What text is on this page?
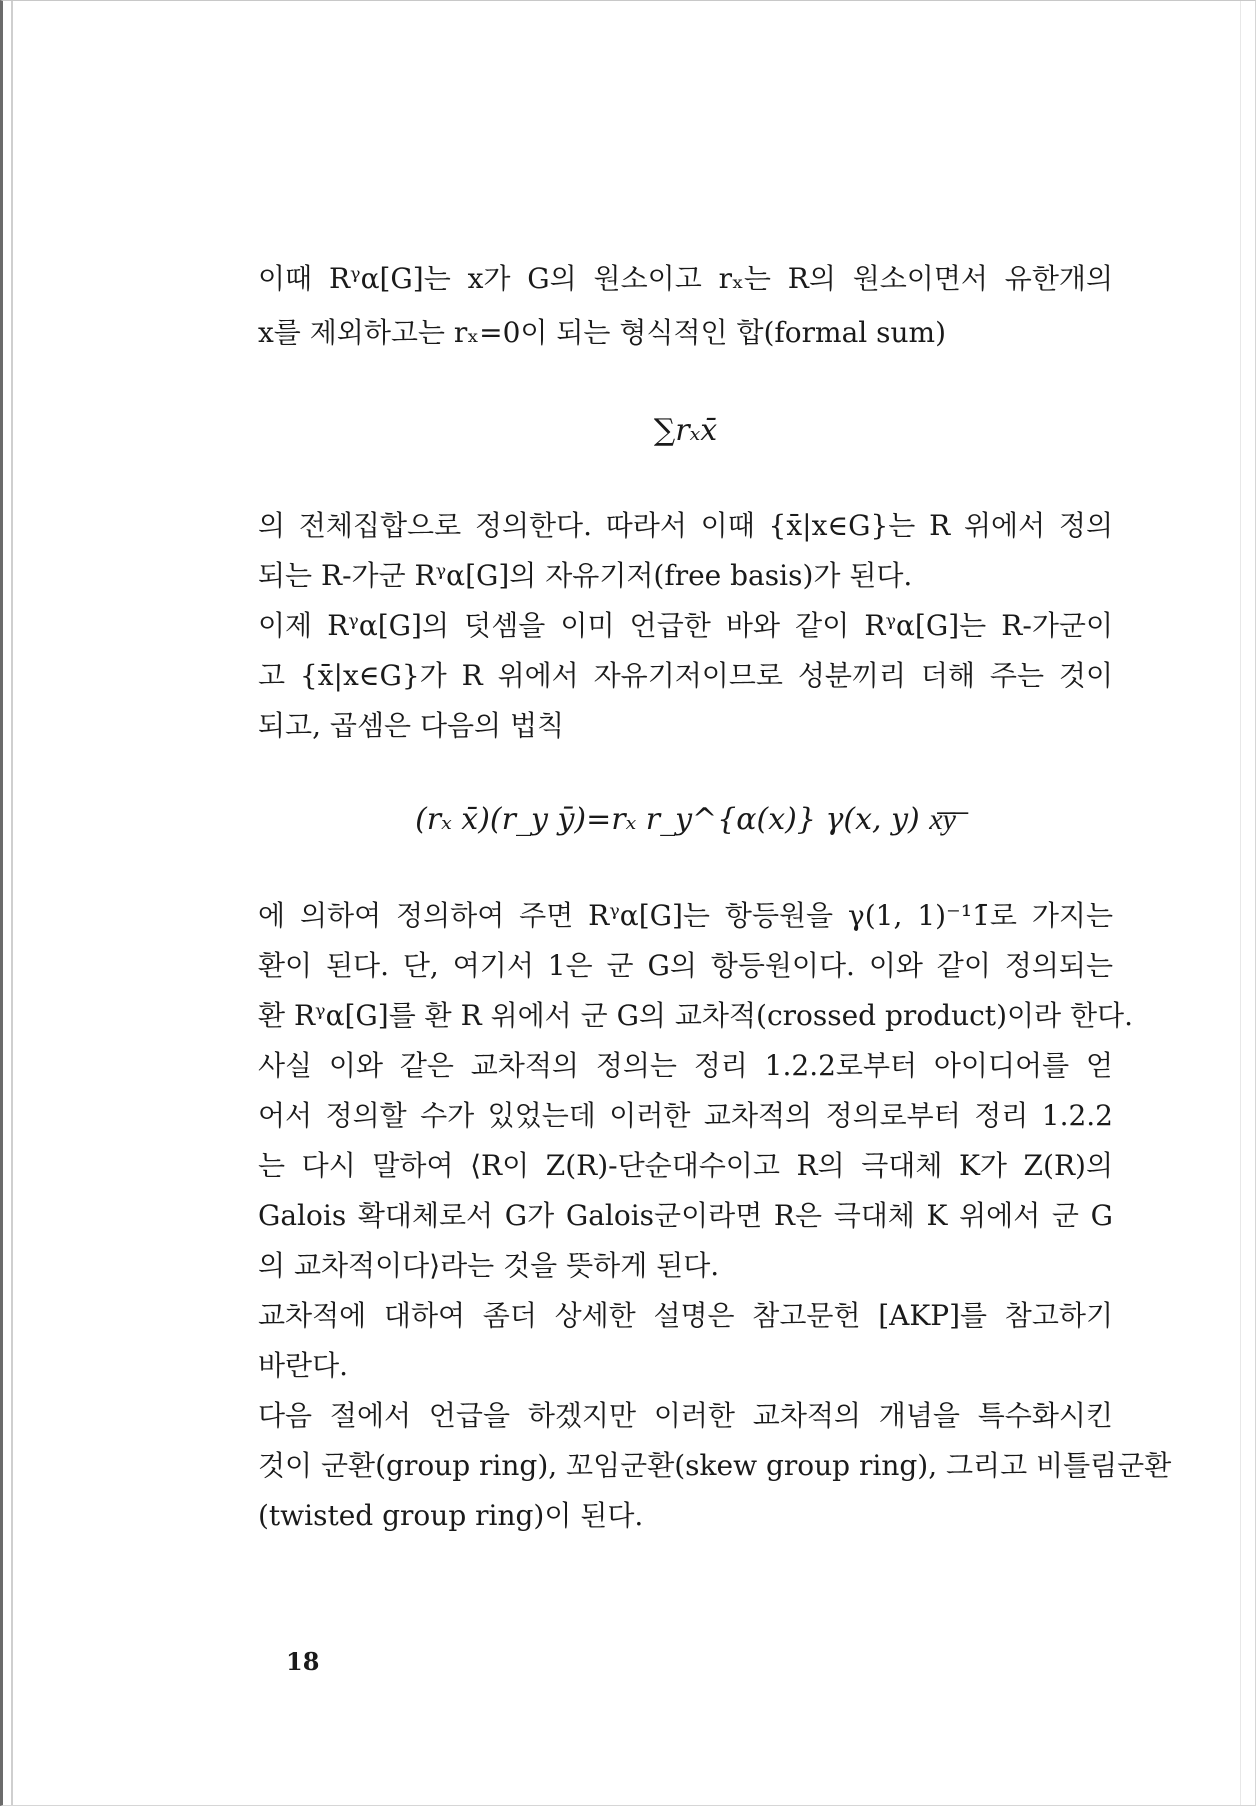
이때 Rᵞα[G]는 x가 G의 원소이고 rₓ는 R의 원소이면서 유한개의
x를 제외하고는 rₓ=0이 되는 형식적인 합(formal sum)
∑rₓx̄
의 전체집합으로 정의한다. 따라서 이때 {x̄|x∈G}는 R 위에서 정의
되는 R-가군 Rᵞα[G]의 자유기저(free basis)가 된다.
이제 Rᵞα[G]의 덧셈을 이미 언급한 바와 같이 Rᵞα[G]는 R-가군이
고 {x̄|x∈G}가 R 위에서 자유기저이므로 성분끼리 더해 주는 것이
되고, 곱셈은 다음의 법칙
(rₓ x̄)(r_y ȳ)=rₓ r_y^{α(x)} γ(x, y) x͞y͞
에 의하여 정의하여 주면 Rᵞα[G]는 항등원을 γ(1, 1)⁻¹1̄로 가지는
환이 된다. 단, 여기서 1은 군 G의 항등원이다. 이와 같이 정의되는
환 Rᵞα[G]를 환 R 위에서 군 G의 교차적(crossed product)이라 한다.
사실 이와 같은 교차적의 정의는 정리 1.2.2로부터 아이디어를 얻
어서 정의할 수가 있었는데 이러한 교차적의 정의로부터 정리 1.2.2
는 다시 말하여 ⟨R이 Z(R)-단순대수이고 R의 극대체 K가 Z(R)의
Galois 확대체로서 G가 Galois군이라면 R은 극대체 K 위에서 군 G
의 교차적이다⟩라는 것을 뜻하게 된다.
교차적에 대하여 좀더 상세한 설명은 참고문헌 [AKP]를 참고하기
바란다.
다음 절에서 언급을 하겠지만 이러한 교차적의 개념을 특수화시킨
것이 군환(group ring), 꼬임군환(skew group ring), 그리고 비틀림군환
(twisted group ring)이 된다.
18
